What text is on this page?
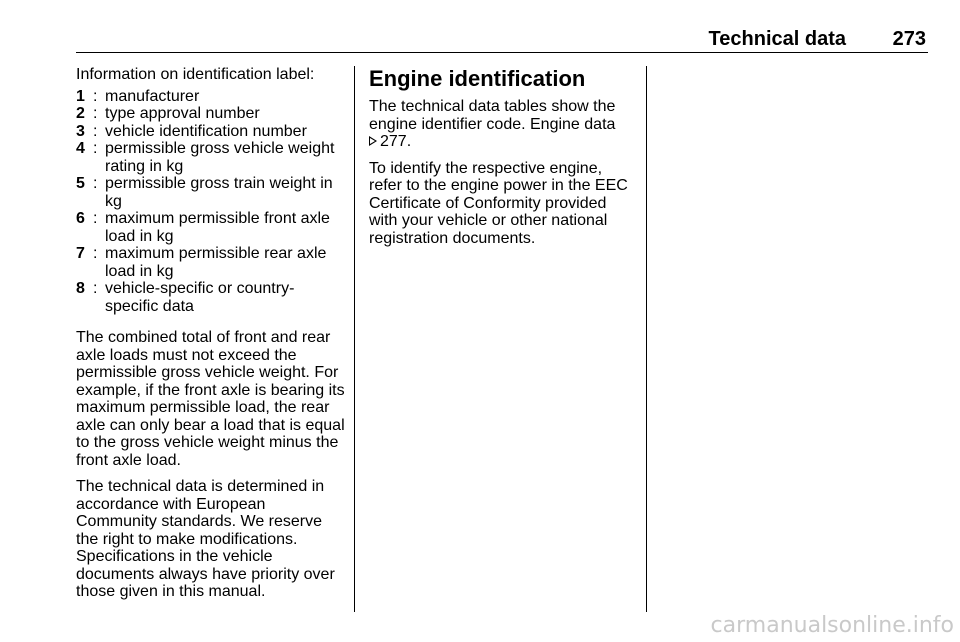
Technical data 273

Information on identification label:

1 : manufacturer
2 : type approval number
3 : vehicle identification number
4 : permissible gross vehicle weight rating in kg
5 : permissible gross train weight in kg
6 : maximum permissible front axle load in kg
7 : maximum permissible rear axle load in kg
8 : vehicle-specific or country-specific data

The combined total of front and rear axle loads must not exceed the permissible gross vehicle weight. For example, if the front axle is bearing its maximum permissible load, the rear axle can only bear a load that is equal to the gross vehicle weight minus the front axle load.

The technical data is determined in accordance with European Community standards. We reserve the right to make modifications. Specifications in the vehicle documents always have priority over those given in this manual.

Engine identification

The technical data tables show the engine identifier code. Engine data
277.

To identify the respective engine, refer to the engine power in the EEC Certificate of Conformity provided with your vehicle or other national registration documents.

carmanualsonline.info
